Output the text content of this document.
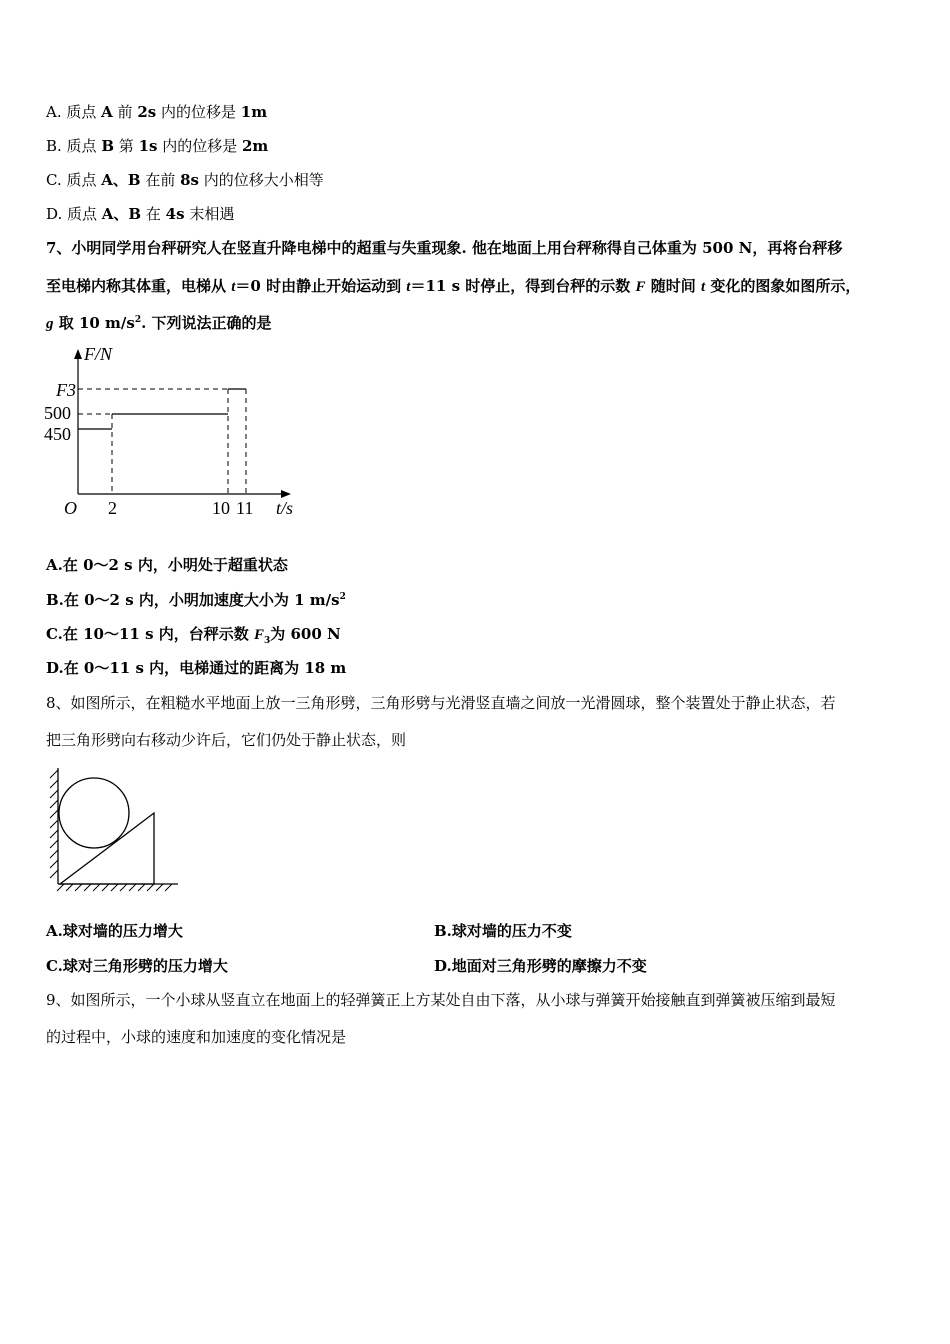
A. 质点 A 前 2s 内的位移是 1m
B. 质点 B 第 1s 内的位移是 2m
C. 质点 A、B 在前 8s 内的位移大小相等
D. 质点 A、B 在 4s 末相遇
7、小明同学用台秤研究人在竖直升降电梯中的超重与失重现象. 他在地面上用台秤称得自己体重为 500 N，再将台秤移
至电梯内称其体重，电梯从 t＝0 时由静止开始运动到 t＝11 s 时停止，得到台秤的示数 F 随时间 t 变化的图象如图所示，
g 取 10 $m/s^2$. 下列说法正确的是
F/N
t/s
O
F3
500
450
2	10 11
A.在 0～2 s 内，小明处于超重状态
B.在 0～2 s 内，小明加速度大小为 1 $m/s^2$
C.在 10～11 s 内，台秤示数 $F_3$为 600 N
D.在 0～11 s 内，电梯通过的距离为 18 m
8、如图所示，在粗糙水平地面上放一三角形劈，三角形劈与光滑竖直墙之间放一光滑圆球，整个装置处于静止状态，若
把三角形劈向右移动少许后，它们仍处于静止状态，则
A.球对墙的压力增大	B.球对墙的压力不变
C.球对三角形劈的压力增大	D.地面对三角形劈的摩擦力不变
9、如图所示，一个小球从竖直立在地面上的轻弹簧正上方某处自由下落，从小球与弹簧开始接触直到弹簧被压缩到最短
的过程中，小球的速度和加速度的变化情况是
